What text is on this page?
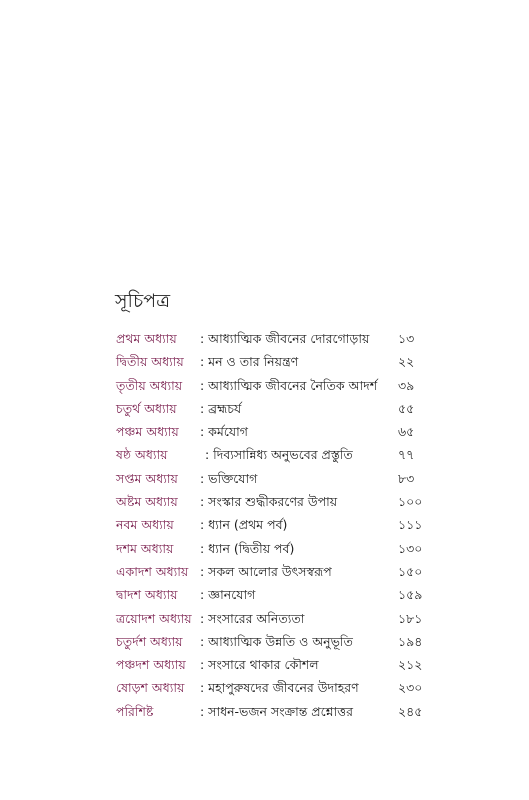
সূচিপত্র
প্রথম অধ্যায় : আধ্যাত্মিক জীবনের দোরগোড়ায় ১৩
দ্বিতীয় অধ্যায় : মন ও তার নিয়ন্ত্রণ	২২
তৃতীয় অধ্যায় : আধ্যাত্মিক জীবনের নৈতিক আদর্শ ৩৯
চতুর্থ অধ্যায় : ব্রহ্মচর্য	৫৫
পঞ্চম অধ্যায় : কর্মযোগ	৬৫
ষষ্ঠ অধ্যায়	: দিব্যসান্নিধ্য অনুভবের প্রস্তুতি	৭৭
সপ্তম অধ্যায় : ভক্তিযোগ	৮৩
অষ্টম অধ্যায় : সংস্কার শুদ্ধীকরণের উপায়	১০০
নবম অধ্যায় : ধ্যান (প্রথম পর্ব)	১১১
দশম অধ্যায় : ধ্যান (দ্বিতীয় পর্ব)	১৩০
একাদশ অধ্যায় : সকল আলোর উৎসস্বরূপ	১৫০
দ্বাদশ অধ্যায় : জ্ঞানযোগ	১৫৯
ত্রয়োদশ অধ্যায় : সংসারের অনিত্যতা	১৮১
চতুর্দশ অধ্যায় : আধ্যাত্মিক উন্নতি ও অনুভূতি	১৯৪
পঞ্চদশ অধ্যায় : সংসারে থাকার কৌশল	২১২
ষোড়শ অধ্যায় : মহাপুরুষদের জীবনের উদাহরণ	২৩০
পরিশিষ্ট	: সাধন-ভজন সংক্রান্ত প্রশ্নোত্তর	২৪৫
